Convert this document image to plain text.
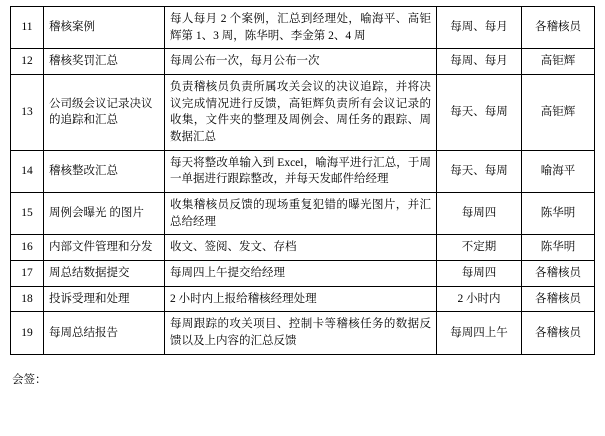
11	稽核案例	每人每月 2 个案例，汇总到经理处，喻海平、高钜辉第 1、3 周，陈华明、李金第 2、4 周	每周、每月	各稽核员
12	稽核奖罚汇总	每周公布一次，每月公布一次	每周、每月	高钜辉
13	公司级会议记录决议的追踪和汇总	负责稽核员负责所属攻关会议的决议追踪，并将决议完成情况进行反馈，高钜辉负责所有会议记录的收集，文件夹的整理及周例会、周任务的跟踪、周数据汇总	每天、每周	高钜辉
14	稽核整改汇总	每天将整改单输入到 Excel，喻海平进行汇总，于周一单据进行跟踪整改，并每天发邮件给经理	每天、每周	喻海平
15	周例会曝光 的图片	收集稽核员反馈的现场重复犯错的曝光图片，并汇总给经理	每周四	陈华明
16	内部文件管理和分发	收文、签阅、发文、存档	不定期	陈华明
17	周总结数据提交	每周四上午提交给经理	每周四	各稽核员
18	投诉受理和处理	2 小时内上报给稽核经理处理	2 小时内	各稽核员
19	每周总结报告	每周跟踪的攻关项目、控制卡等稽核任务的数据反馈以及上内容的汇总反馈	每周四上午	各稽核员
会签：
